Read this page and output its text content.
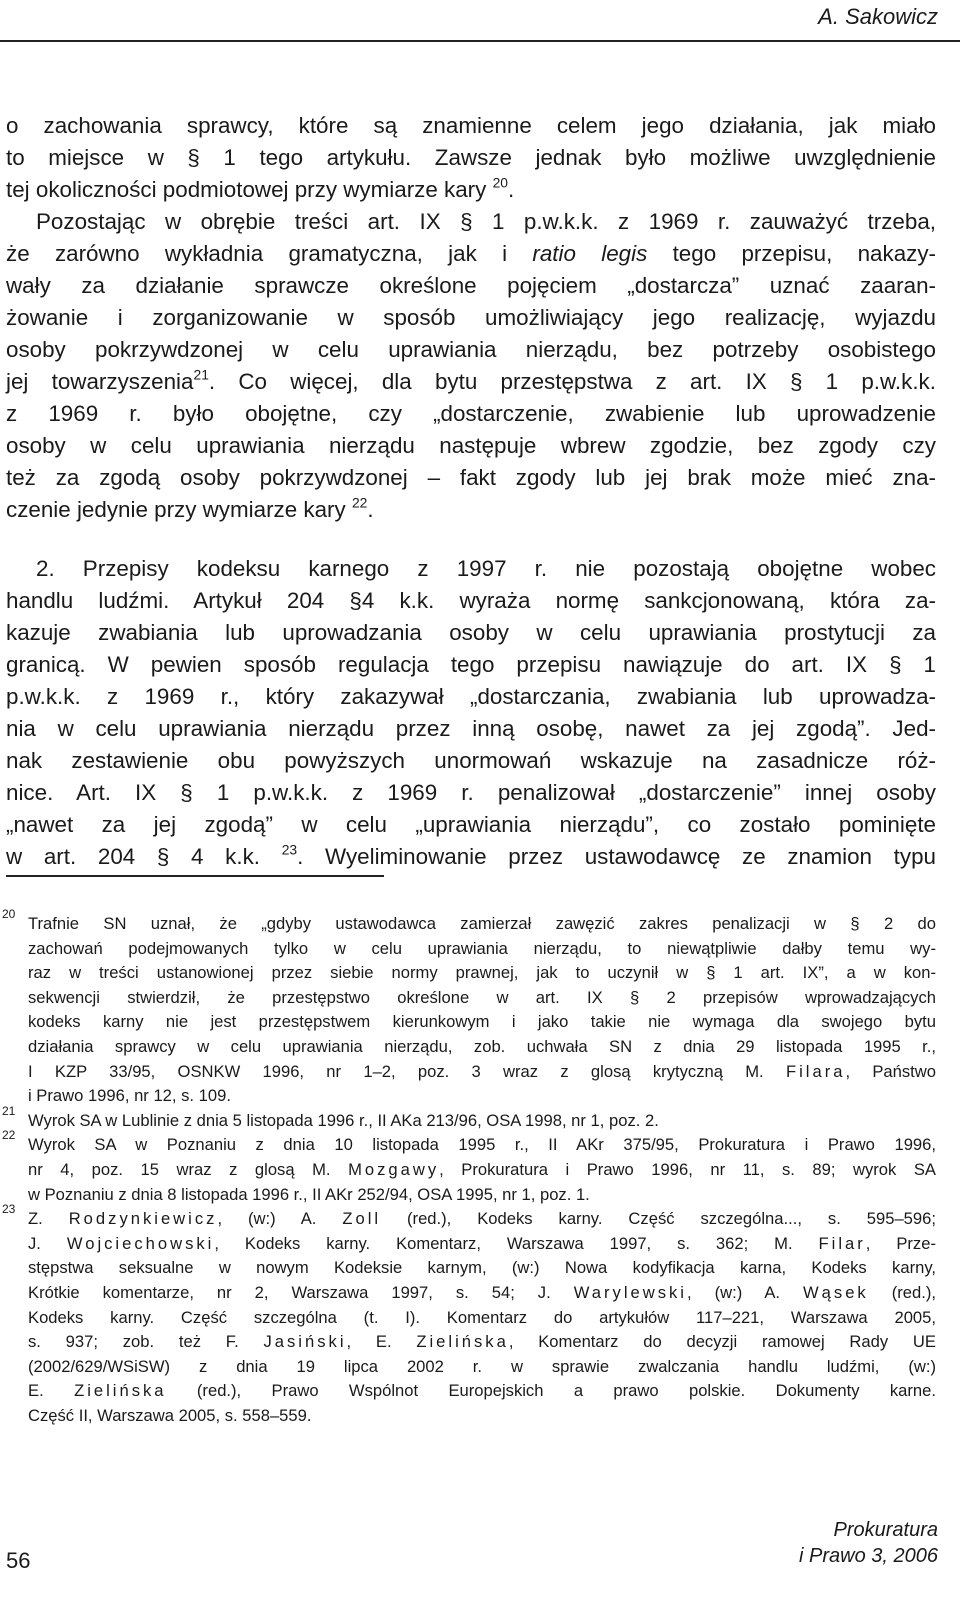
A. Sakowicz
o zachowania sprawcy, które są znamienne celem jego działania, jak miało
to miejsce w § 1 tego artykułu. Zawsze jednak było możliwe uwzględnienie
tej okoliczności podmiotowej przy wymiarze kary $^{20}$.
Pozostając w obrębie treści art. IX § 1 p.w.k.k. z 1969 r. zauważyć trzeba,
że zarówno wykładnia gramatyczna, jak i ratio legis tego przepisu, nakazy-
wały za działanie sprawcze określone pojęciem „dostarcza” uznać zaaran-
żowanie i zorganizowanie w sposób umożliwiający jego realizację, wyjazdu
osoby pokrzywdzonej w celu uprawiania nierządu, bez potrzeby osobistego
jej towarzyszenia$^{21}$. Co więcej, dla bytu przestępstwa z art. IX § 1 p.w.k.k.
z 1969 r. było obojętne, czy „dostarczenie, zwabienie lub uprowadzenie
osoby w celu uprawiania nierządu następuje wbrew zgodzie, bez zgody czy
też za zgodą osoby pokrzywdzonej – fakt zgody lub jej brak może mieć zna-
czenie jedynie przy wymiarze kary $^{22}$.
2. Przepisy kodeksu karnego z 1997 r. nie pozostają obojętne wobec
handlu ludźmi. Artykuł 204 §4 k.k. wyraża normę sankcjonowaną, która za-
kazuje zwabiania lub uprowadzania osoby w celu uprawiania prostytucji za
granicą. W pewien sposób regulacja tego przepisu nawiązuje do art. IX § 1
p.w.k.k. z 1969 r., który zakazywał „dostarczania, zwabiania lub uprowadza-
nia w celu uprawiania nierządu przez inną osobę, nawet za jej zgodą”. Jed-
nak zestawienie obu powyższych unormowań wskazuje na zasadnicze róż-
nice. Art. IX § 1 p.w.k.k. z 1969 r. penalizował „dostarczenie” innej osoby
„nawet za jej zgodą” w celu „uprawiania nierządu”, co zostało pominięte
w art. 204 § 4 k.k. $^{23}$. Wyeliminowanie przez ustawodawcę ze znamion typu
20 Trafnie SN uznał, że „gdyby ustawodawca zamierzał zawęzić zakres penalizacji w § 2 do
zachowań podejmowanych tylko w celu uprawiania nierządu, to niewątpliwie dałby temu wy-
raz w treści ustanowionej przez siebie normy prawnej, jak to uczynił w § 1 art. IX”, a w kon-
sekwencji stwierdził, że przestępstwo określone w art. IX § 2 przepisów wprowadzających
kodeks karny nie jest przestępstwem kierunkowym i jako takie nie wymaga dla swojego bytu
działania sprawcy w celu uprawiania nierządu, zob. uchwała SN z dnia 29 listopada 1995 r.,
I KZP 33/95, OSNKW 1996, nr 1–2, poz. 3 wraz z glosą krytyczną M. Filara, Państwo
i Prawo 1996, nr 12, s. 109.
21 Wyrok SA w Lublinie z dnia 5 listopada 1996 r., II AKa 213/96, OSA 1998, nr 1, poz. 2.
22 Wyrok SA w Poznaniu z dnia 10 listopada 1995 r., II AKr 375/95, Prokuratura i Prawo 1996,
nr 4, poz. 15 wraz z glosą M. Mozgawy, Prokuratura i Prawo 1996, nr 11, s. 89; wyrok SA
w Poznaniu z dnia 8 listopada 1996 r., II AKr 252/94, OSA 1995, nr 1, poz. 1.
23 Z. Rodzynkiewicz, (w:) A. Zoll (red.), Kodeks karny. Część szczególna..., s. 595–596;
J. Wojciechowski, Kodeks karny. Komentarz, Warszawa 1997, s. 362; M. Filar, Prze-
stępstwa seksualne w nowym Kodeksie karnym, (w:) Nowa kodyfikacja karna, Kodeks karny,
Krótkie komentarze, nr 2, Warszawa 1997, s. 54; J. Warylewski, (w:) A. Wąsek (red.),
Kodeks karny. Część szczególna (t. I). Komentarz do artykułów 117–221, Warszawa 2005,
s. 937; zob. też F. Jasiński, E. Zielińska, Komentarz do decyzji ramowej Rady UE
(2002/629/WSiSW) z dnia 19 lipca 2002 r. w sprawie zwalczania handlu ludźmi, (w:)
E. Zielińska (red.), Prawo Wspólnot Europejskich a prawo polskie. Dokumenty karne.
Część II, Warszawa 2005, s. 558–559.
56
Prokuratura
i Prawo 3, 2006
